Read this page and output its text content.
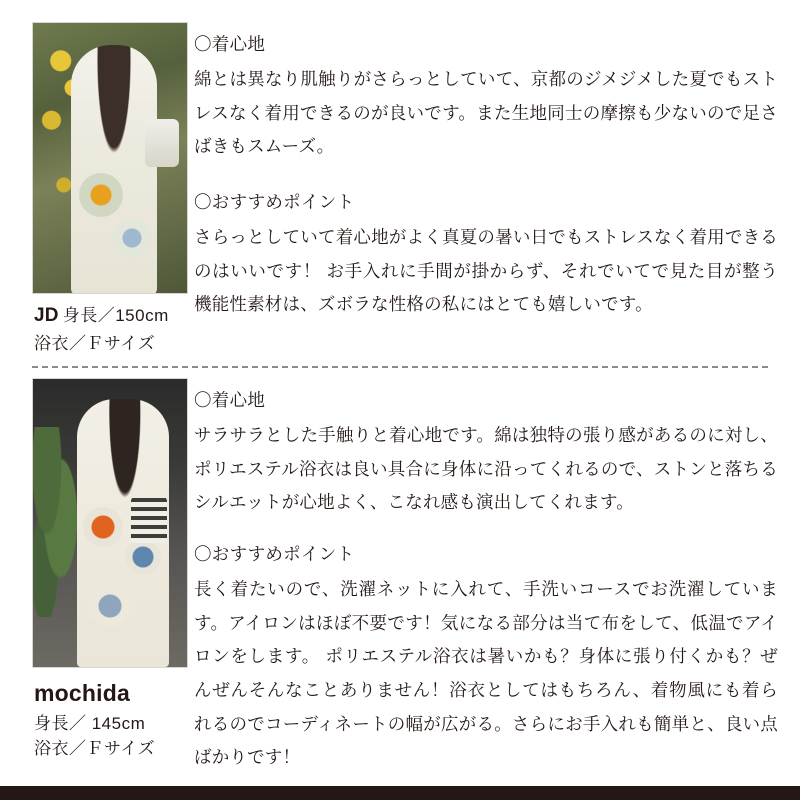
JD 身長／150cm
浴衣／Ｆサイズ

〇着心地

綿とは異なり肌触りがさらっとしていて、京都のジメジメした夏でもストレスなく着用できるのが良いです。また生地同士の摩擦も少ないので足さばきもスムーズ。

〇おすすめポイント

さらっとしていて着心地がよく真夏の暑い日でもストレスなく着用できるのはいいです！ お手入れに手間が掛からず、それでいてで見た目が整う機能性素材は、ズボラな性格の私にはとても嬉しいです。

mochida
身長／ 145cm
浴衣／Ｆサイズ

〇着心地

サラサラとした手触りと着心地です。綿は独特の張り感があるのに対し、ポリエステル浴衣は良い具合に身体に沿ってくれるので、ストンと落ちるシルエットが心地よく、こなれ感も演出してくれます。

〇おすすめポイント

長く着たいので、洗濯ネットに入れて、手洗いコースでお洗濯しています。アイロンはほぼ不要です！気になる部分は当て布をして、低温でアイロンをします。 ポリエステル浴衣は暑いかも？身体に張り付くかも？ぜんぜんそんなことありません！浴衣としてはもちろん、着物風にも着られるのでコーディネートの幅が広がる。さらにお手入れも簡単と、良い点ばかりです！
